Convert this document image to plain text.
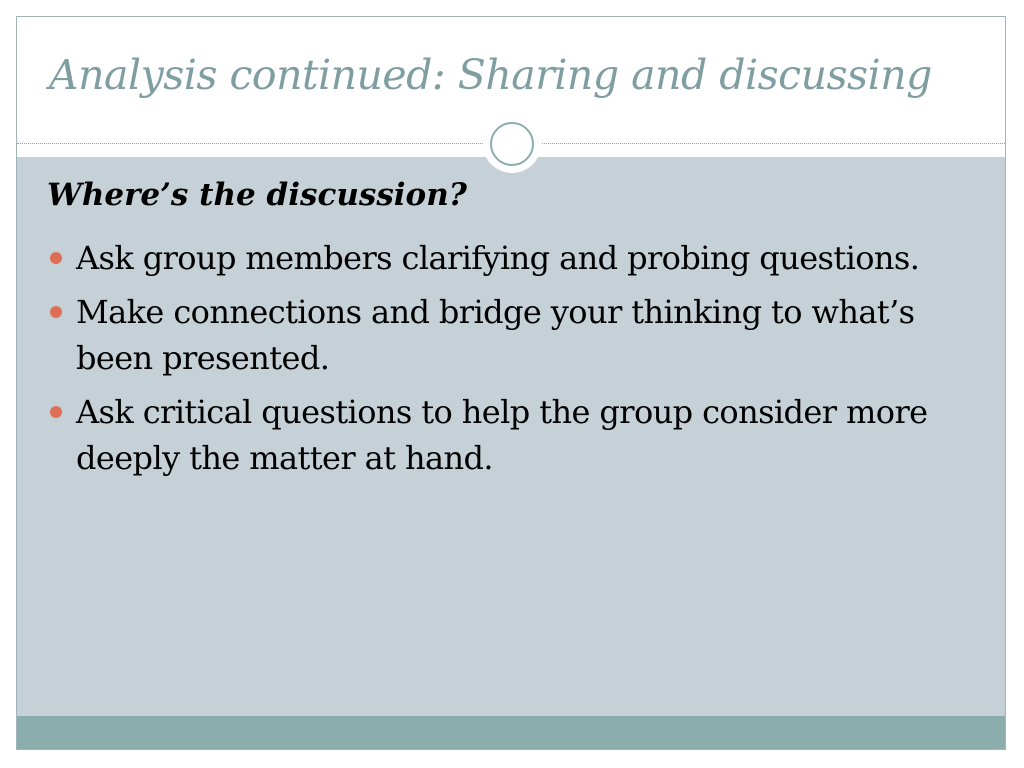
Analysis continued: Sharing and discussing
Where’s the discussion?
Ask group members clarifying and probing questions.
Make connections and bridge your thinking to what’s been presented.
Ask critical questions to help the group consider more deeply the matter at hand.
